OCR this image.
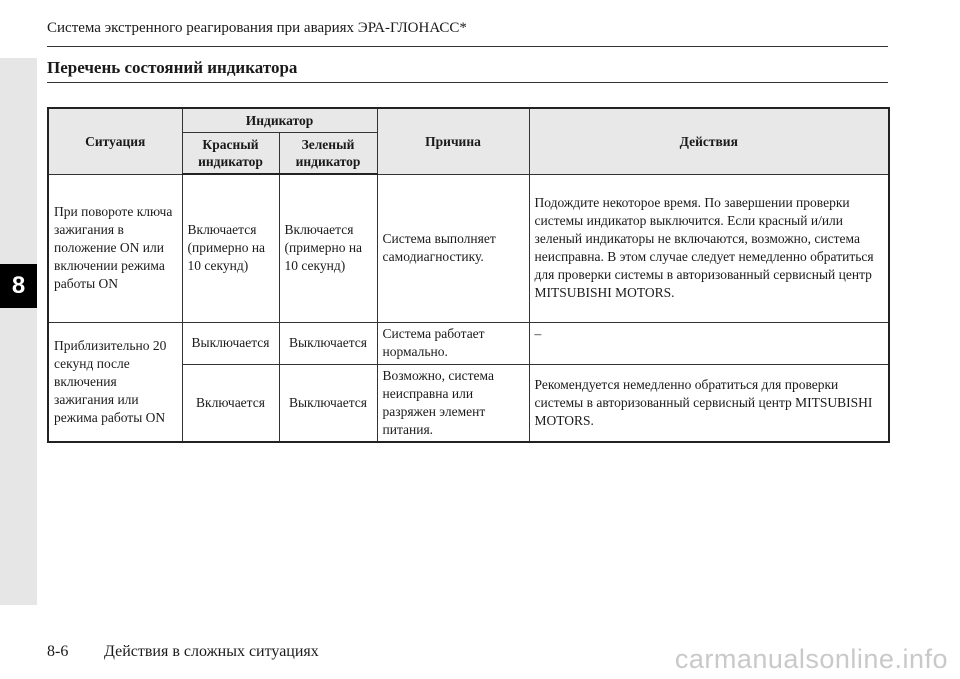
8
Система экстренного реагирования при авариях ЭРА-ГЛОНАСС*
Перечень состояний индикатора
Ситуация	Индикатор		Причина	Действия
	Красный индикатор	Зеленый индикатор		
При повороте ключа зажигания в положение ON или включении режима работы ON	Включается (примерно на 10 секунд)	Включается (примерно на 10 секунд)	Система выполняет самодиагностику.	Подождите некоторое время. По завершении проверки системы индикатор выключится. Если красный и/или зеленый индикаторы не включаются, возможно, система неисправна. В этом случае следует немедленно обратиться для проверки системы в авторизованный сервисный центр MITSUBISHI MOTORS.
Приблизительно 20 секунд после включения зажигания или режима работы ON	Выключается	Выключается	Система работает нормально.	–
	Включается	Выключается	Возможно, система неисправна или разряжен элемент питания.	Рекомендуется немедленно обратиться для проверки системы в авторизованный сервисный центр MITSUBISHI MOTORS.
8-6 Действия в сложных ситуациях	carmanualsonline.info
